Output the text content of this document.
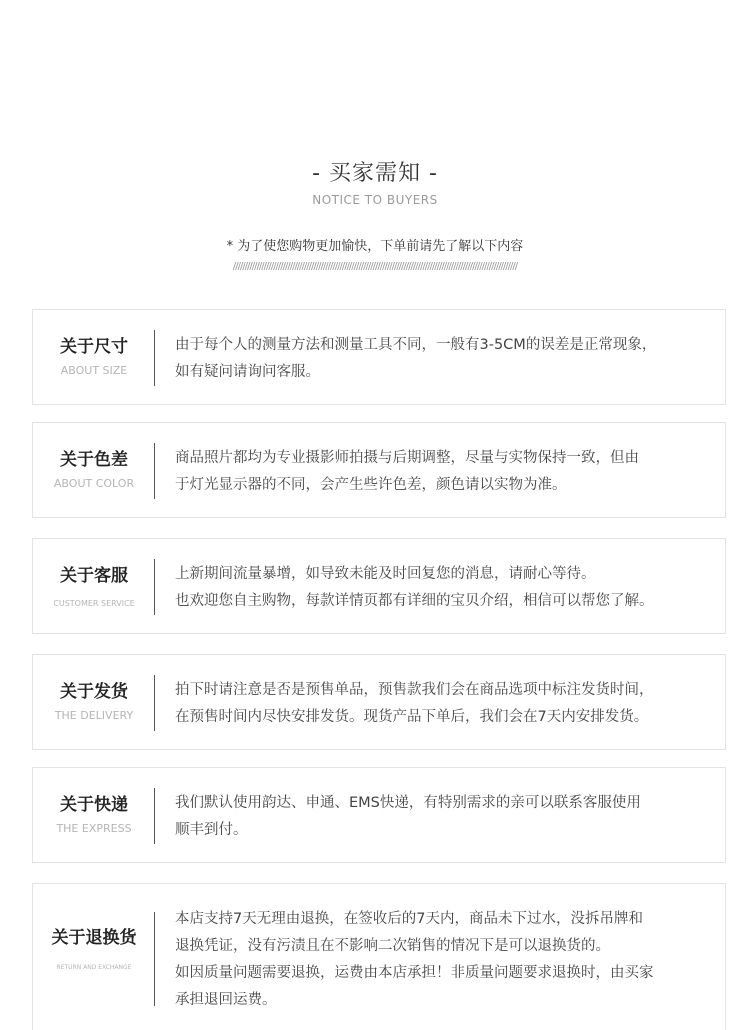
- 买家需知 -
NOTICE TO BUYERS
* 为了使您购物更加愉快，下单前请先了解以下内容
////////////////////////////////////////////////////////////////////////////////////////////////////////////////////////
关于尺寸
ABOUT SIZE
由于每个人的测量方法和测量工具不同，一般有3-5CM的误差是正常现象，
如有疑问请询问客服。
关于色差
ABOUT COLOR
商品照片都均为专业摄影师拍摄与后期调整，尽量与实物保持一致，但由
于灯光显示器的不同，会产生些许色差，颜色请以实物为准。
关于客服
CUSTOMER SERVICE
上新期间流量暴增，如导致未能及时回复您的消息，请耐心等待。
也欢迎您自主购物，每款详情页都有详细的宝贝介绍，相信可以帮您了解。
关于发货
THE DELIVERY
拍下时请注意是否是预售单品，预售款我们会在商品选项中标注发货时间，
在预售时间内尽快安排发货。现货产品下单后，我们会在7天内安排发货。
关于快递
THE EXPRESS
我们默认使用韵达、申通、EMS快递，有特别需求的亲可以联系客服使用
顺丰到付。
关于退换货
RETURN AND EXCHANGE
本店支持7天无理由退换，在签收后的7天内，商品未下过水，没拆吊牌和
退换凭证，没有污渍且在不影响二次销售的情况下是可以退换货的。
如因质量问题需要退换，运费由本店承担！非质量问题要求退换时，由买家
承担退回运费。
